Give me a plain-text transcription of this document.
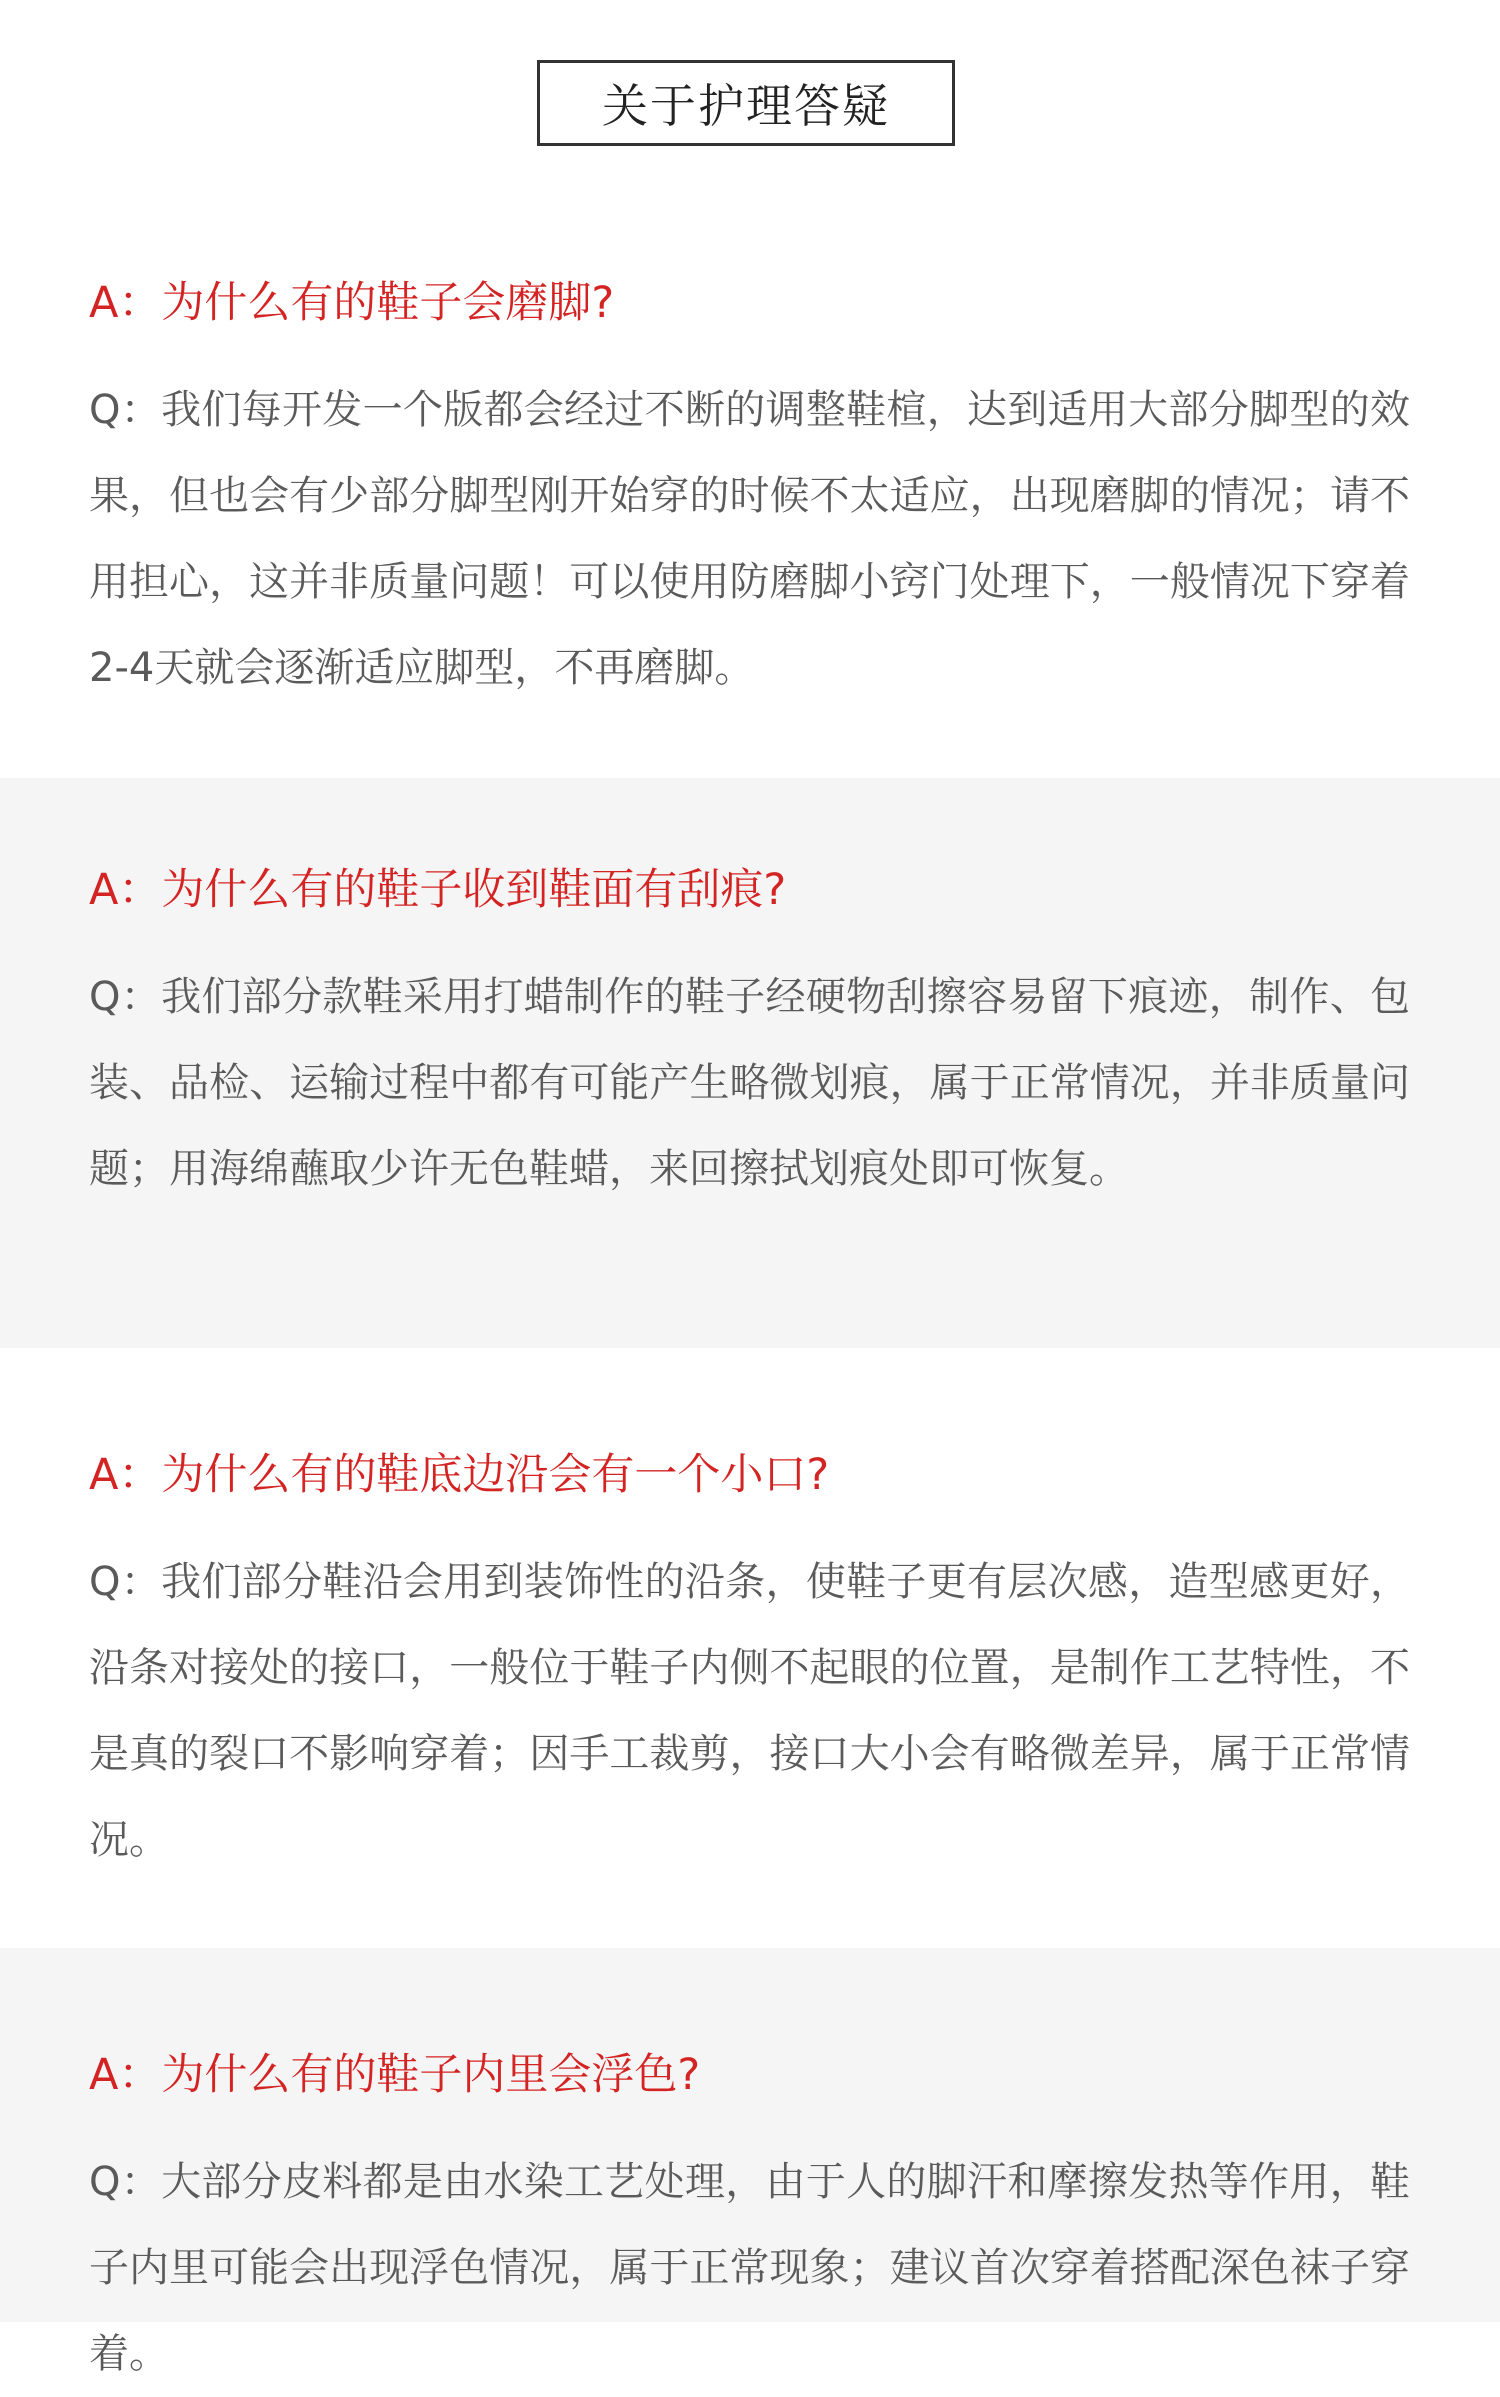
关于护理答疑

A：为什么有的鞋子会磨脚?

Q：我们每开发一个版都会经过不断的调整鞋楦，达到适用大部分脚型的效果，但也会有少部分脚型刚开始穿的时候不太适应，出现磨脚的情况；请不用担心，这并非质量问题！可以使用防磨脚小窍门处理下，一般情况下穿着2-4天就会逐渐适应脚型，不再磨脚。

A：为什么有的鞋子收到鞋面有刮痕?

Q：我们部分款鞋采用打蜡制作的鞋子经硬物刮擦容易留下痕迹，制作、包装、品检、运输过程中都有可能产生略微划痕，属于正常情况，并非质量问题；用海绵蘸取少许无色鞋蜡，来回擦拭划痕处即可恢复。

A：为什么有的鞋底边沿会有一个小口?

Q：我们部分鞋沿会用到装饰性的沿条，使鞋子更有层次感，造型感更好，沿条对接处的接口，一般位于鞋子内侧不起眼的位置，是制作工艺特性，不是真的裂口不影响穿着；因手工裁剪，接口大小会有略微差异，属于正常情况。

A：为什么有的鞋子内里会浮色?

Q：大部分皮料都是由水染工艺处理，由于人的脚汗和摩擦发热等作用，鞋子内里可能会出现浮色情况，属于正常现象；建议首次穿着搭配深色袜子穿着。
